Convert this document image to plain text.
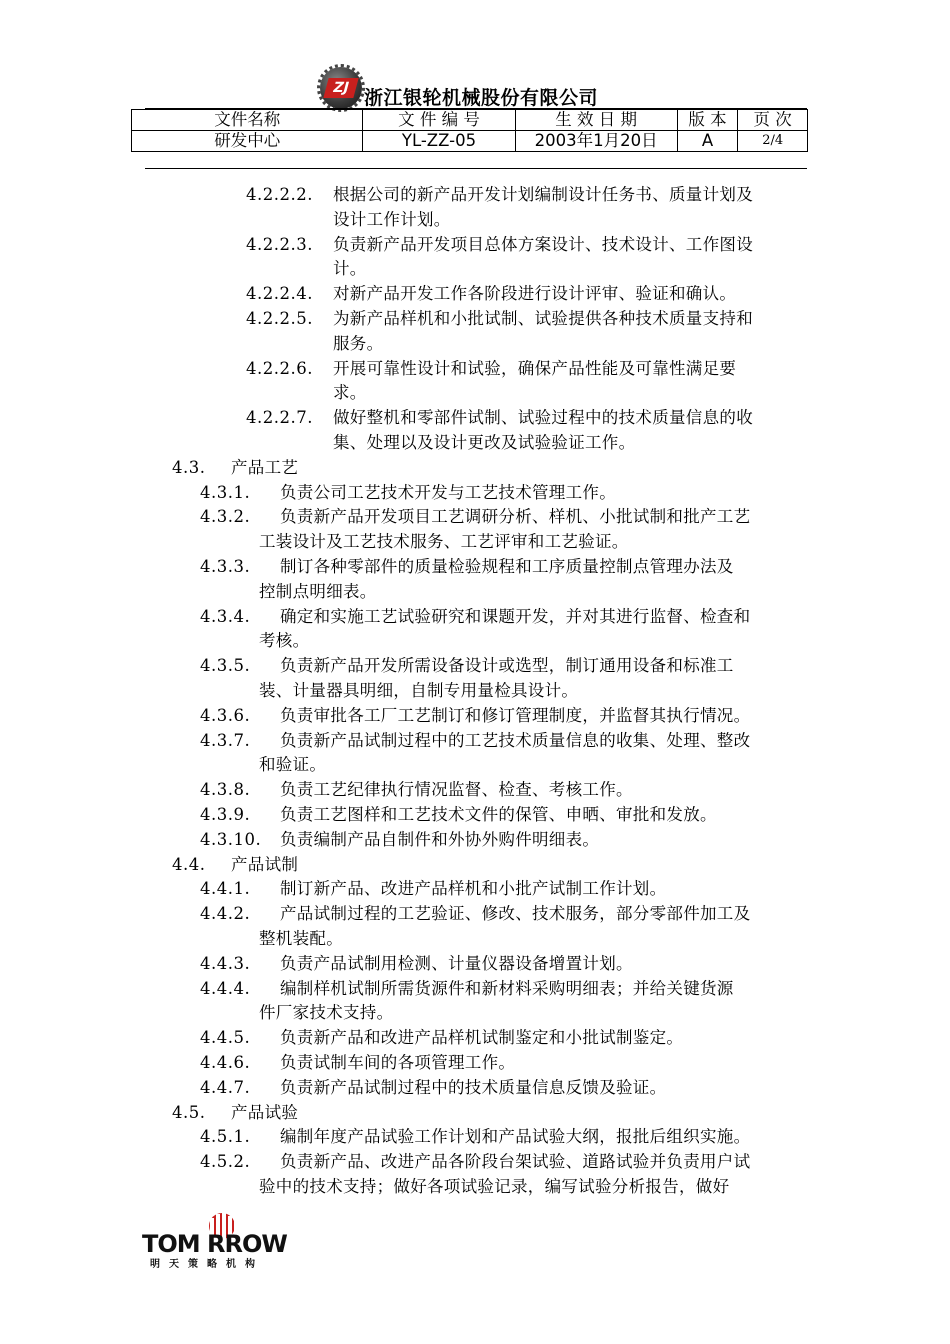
ZJ 浙江银轮机械股份有限公司
文件名称	文 件 编 号	生 效 日 期	版 本	页 次
研发中心	YL-ZZ-05	2003年1月20日	A	2/4
4.2.2.2. 根据公司的新产品开发计划编制设计任务书、质量计划及
设计工作计划。
4.2.2.3. 负责新产品开发项目总体方案设计、技术设计、工作图设
计。
4.2.2.4. 对新产品开发工作各阶段进行设计评审、验证和确认。
4.2.2.5. 为新产品样机和小批试制、试验提供各种技术质量支持和
服务。
4.2.2.6. 开展可靠性设计和试验，确保产品性能及可靠性满足要
求。
4.2.2.7. 做好整机和零部件试制、试验过程中的技术质量信息的收
集、处理以及设计更改及试验验证工作。
4.3. 产品工艺
4.3.1. 负责公司工艺技术开发与工艺技术管理工作。
4.3.2. 负责新产品开发项目工艺调研分析、样机、小批试制和批产工艺
工装设计及工艺技术服务、工艺评审和工艺验证。
4.3.3. 制订各种零部件的质量检验规程和工序质量控制点管理办法及
控制点明细表。
4.3.4. 确定和实施工艺试验研究和课题开发，并对其进行监督、检查和
考核。
4.3.5. 负责新产品开发所需设备设计或选型，制订通用设备和标准工
装、计量器具明细，自制专用量检具设计。
4.3.6. 负责审批各工厂工艺制订和修订管理制度，并监督其执行情况。
4.3.7. 负责新产品试制过程中的工艺技术质量信息的收集、处理、整改
和验证。
4.3.8. 负责工艺纪律执行情况监督、检查、考核工作。
4.3.9. 负责工艺图样和工艺技术文件的保管、申晒、审批和发放。
4.3.10. 负责编制产品自制件和外协外购件明细表。
4.4. 产品试制
4.4.1. 制订新产品、改进产品样机和小批产试制工作计划。
4.4.2. 产品试制过程的工艺验证、修改、技术服务，部分零部件加工及
整机装配。
4.4.3. 负责产品试制用检测、计量仪器设备增置计划。
4.4.4. 编制样机试制所需货源件和新材料采购明细表；并给关键货源
件厂家技术支持。
4.4.5. 负责新产品和改进产品样机试制鉴定和小批试制鉴定。
4.4.6. 负责试制车间的各项管理工作。
4.4.7. 负责新产品试制过程中的技术质量信息反馈及验证。
4.5. 产品试验
4.5.1. 编制年度产品试验工作计划和产品试验大纲，报批后组织实施。
4.5.2. 负责新产品、改进产品各阶段台架试验、道路试验并负责用户试
验中的技术支持；做好各项试验记录，编写试验分析报告，做好
TOM RROW
明天策略机构
